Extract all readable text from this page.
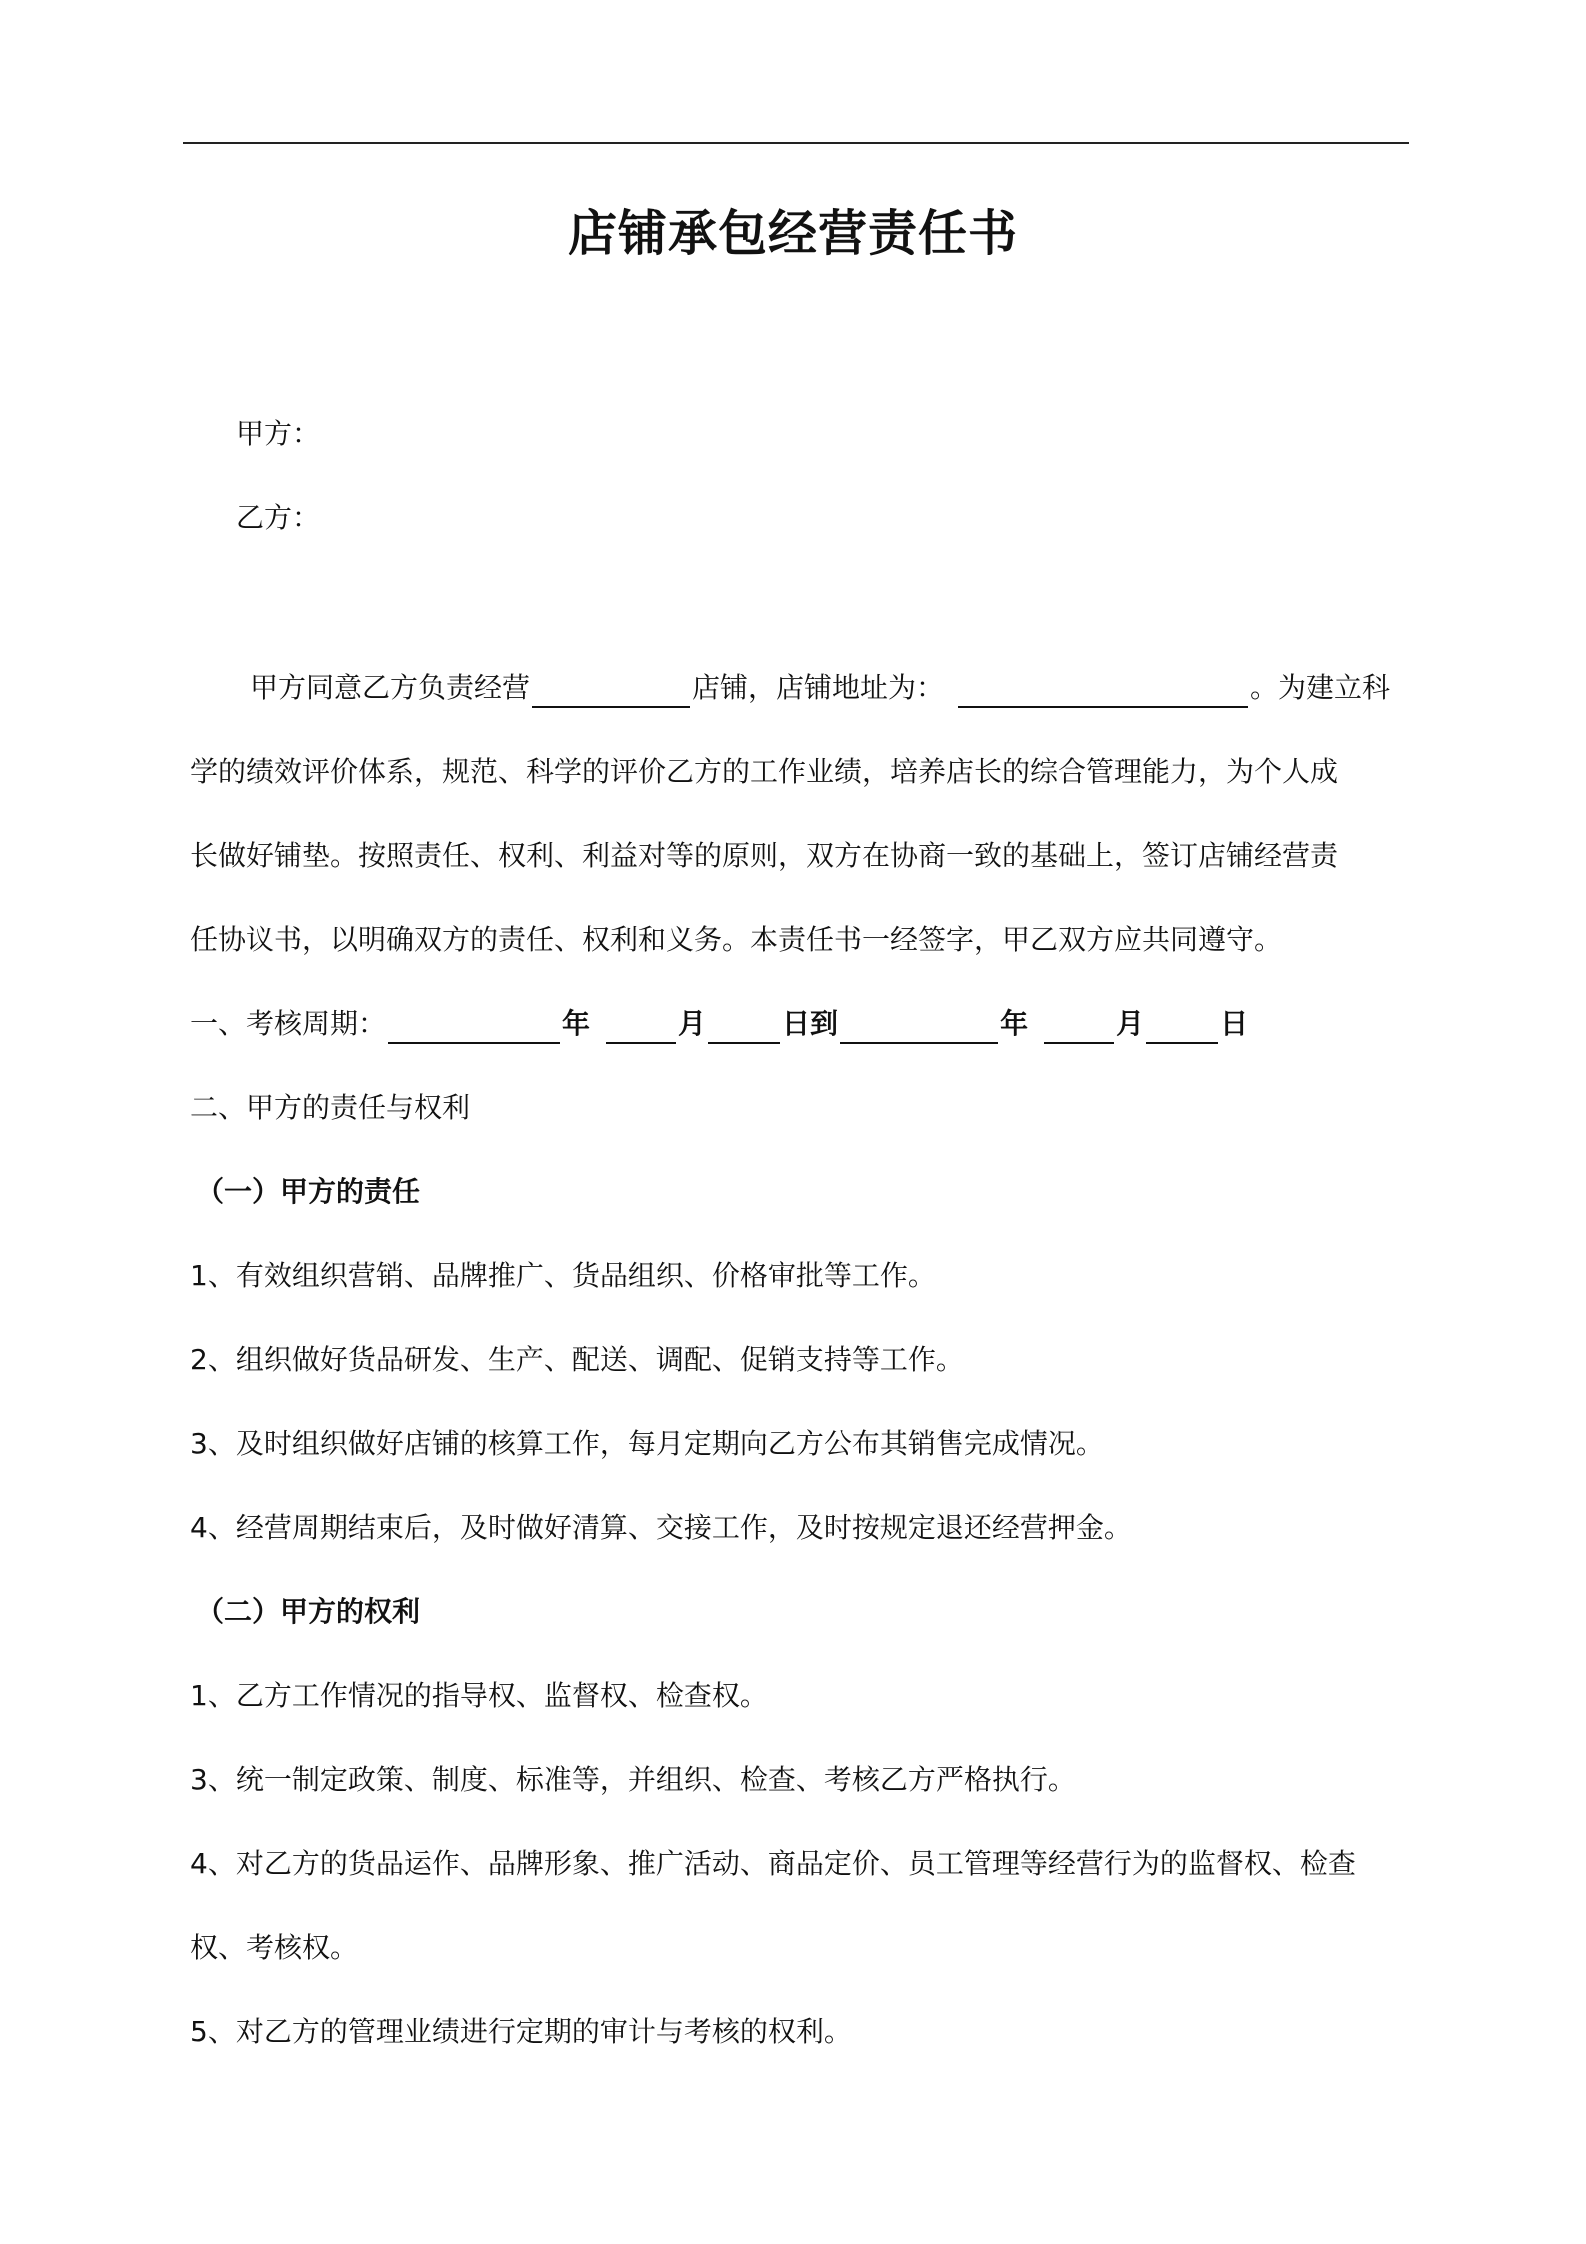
店铺承包经营责任书
甲方：
乙方：
甲方同意乙方负责经营	店铺，店铺地址为：	。为建立科
学的绩效评价体系，规范、科学的评价乙方的工作业绩，培养店长的综合管理能力，为个人成
长做好铺垫。按照责任、权利、利益对等的原则，双方在协商一致的基础上，签订店铺经营责
任协议书，以明确双方的责任、权利和义务。本责任书一经签字，甲乙双方应共同遵守。
一、考核周期：	年	月	日到	年	月	日
二、甲方的责任与权利
（一）甲方的责任
1、有效组织营销、品牌推广、货品组织、价格审批等工作。
2、组织做好货品研发、生产、配送、调配、促销支持等工作。
3、及时组织做好店铺的核算工作，每月定期向乙方公布其销售完成情况。
4、经营周期结束后，及时做好清算、交接工作，及时按规定退还经营押金。
（二）甲方的权利
1、乙方工作情况的指导权、监督权、检查权。
3、统一制定政策、制度、标准等，并组织、检查、考核乙方严格执行。
4、对乙方的货品运作、品牌形象、推广活动、商品定价、员工管理等经营行为的监督权、检查
权、考核权。
5、对乙方的管理业绩进行定期的审计与考核的权利。
